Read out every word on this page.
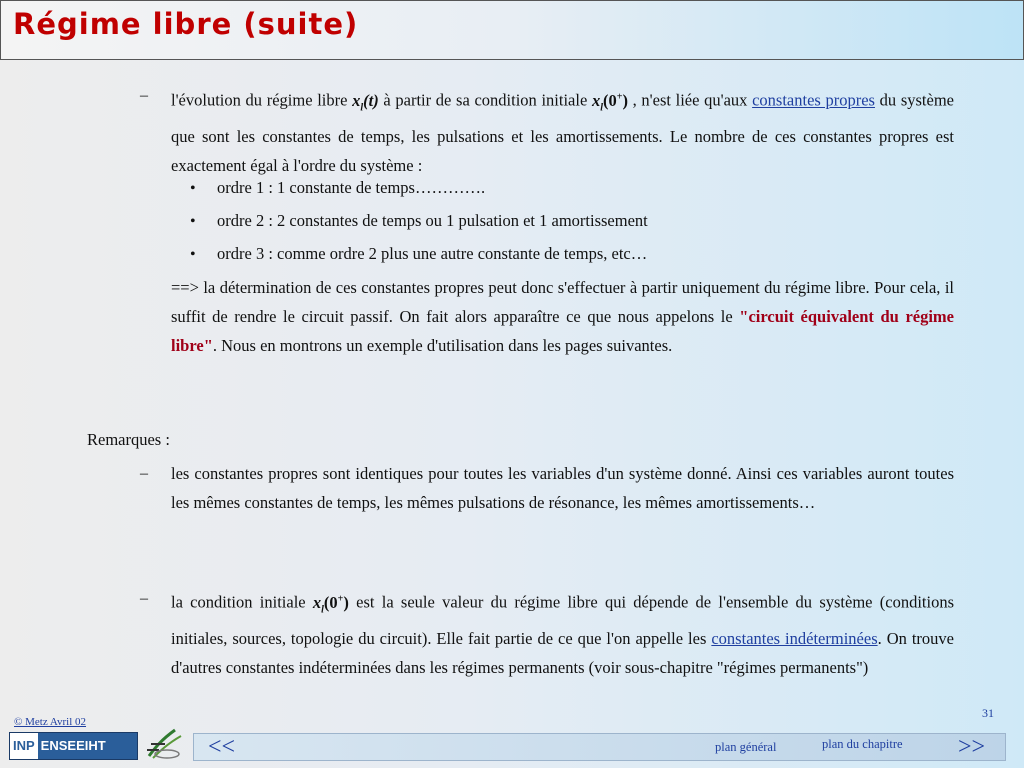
Régime libre (suite)
– l'évolution du régime libre $x_l(t)$ à partir de sa condition initiale $x_l(0^+)$ , n'est liée qu'aux constantes propres du système que sont les constantes de temps, les pulsations et les amortissements. Le nombre de ces constantes propres est exactement égal à l'ordre du système :
• ordre 1 : 1 constante de temps………….
• ordre 2 : 2 constantes de temps ou 1 pulsation et 1 amortissement
• ordre 3 : comme ordre 2 plus une autre constante de temps, etc…
==> la détermination de ces constantes propres peut donc s'effectuer à partir uniquement du régime libre. Pour cela, il suffit de rendre le circuit passif. On fait alors apparaître ce que nous appelons le "circuit équivalent du régime libre". Nous en montrons un exemple d'utilisation dans les pages suivantes.
Remarques :
– les constantes propres sont identiques pour toutes les variables d'un système donné. Ainsi ces variables auront toutes les mêmes constantes de temps, les mêmes pulsations de résonance, les mêmes amortissements…
– la condition initiale $x_l(0^+)$ est la seule valeur du régime libre qui dépende de l'ensemble du système (conditions initiales, sources, topologie du circuit). Elle fait partie de ce que l'on appelle les constantes indéterminées. On trouve d'autres constantes indéterminées dans les régimes permanents (voir sous-chapitre "régimes permanents")
© Metz Avril 02
31
INP ENSEEIHT	<<	plan général	plan du chapitre >>
